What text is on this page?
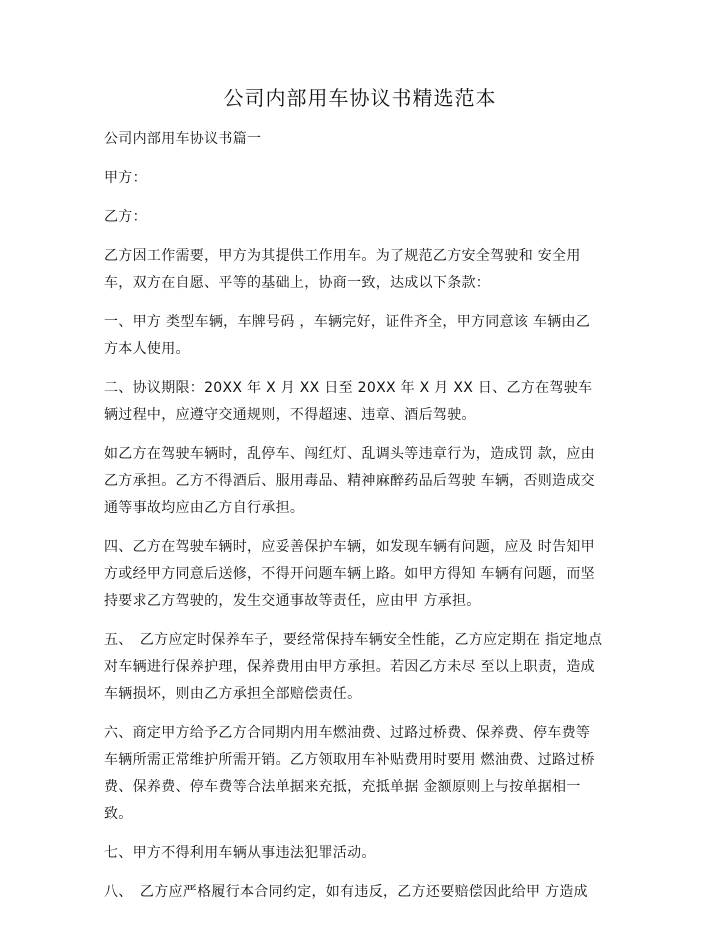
公司内部用车协议书精选范本

公司内部用车协议书篇一

甲方：

乙方：

乙方因工作需要，甲方为其提供工作用车。为了规范乙方安全驾驶和 安全用车，双方在自愿、平等的基础上，协商一致，达成以下条款：

一、甲方 类型车辆，车牌号码 ，车辆完好，证件齐全，甲方同意该 车辆由乙方本人使用。

二、协议期限：20XX 年 X 月 XX 日至 20XX 年 X 月 XX 日、乙方在驾驶车辆过程中，应遵守交通规则，不得超速、违章、酒后驾驶。

如乙方在驾驶车辆时，乱停车、闯红灯、乱调头等违章行为，造成罚 款，应由乙方承担。乙方不得酒后、服用毒品、精神麻醉药品后驾驶 车辆，否则造成交通等事故均应由乙方自行承担。

四、乙方在驾驶车辆时，应妥善保护车辆，如发现车辆有问题，应及 时告知甲方或经甲方同意后送修，不得开问题车辆上路。如甲方得知 车辆有问题，而坚持要求乙方驾驶的，发生交通事故等责任，应由甲 方承担。

五、　乙方应定时保养车子，要经常保持车辆安全性能，乙方应定期在 指定地点对车辆进行保养护理，保养费用由甲方承担。若因乙方未尽 至以上职责，造成车辆损坏，则由乙方承担全部赔偿责任。

六、商定甲方给予乙方合同期内用车燃油费、过路过桥费、保养费、停车费等车辆所需正常维护所需开销。乙方领取用车补贴费用时要用 燃油费、过路过桥费、保养费、停车费等合法单据来充抵，充抵单据 金额原则上与按单据相一致。

七、甲方不得利用车辆从事违法犯罪活动。

八、　乙方应严格履行本合同约定，如有违反，乙方还要赔偿因此给甲 方造成
